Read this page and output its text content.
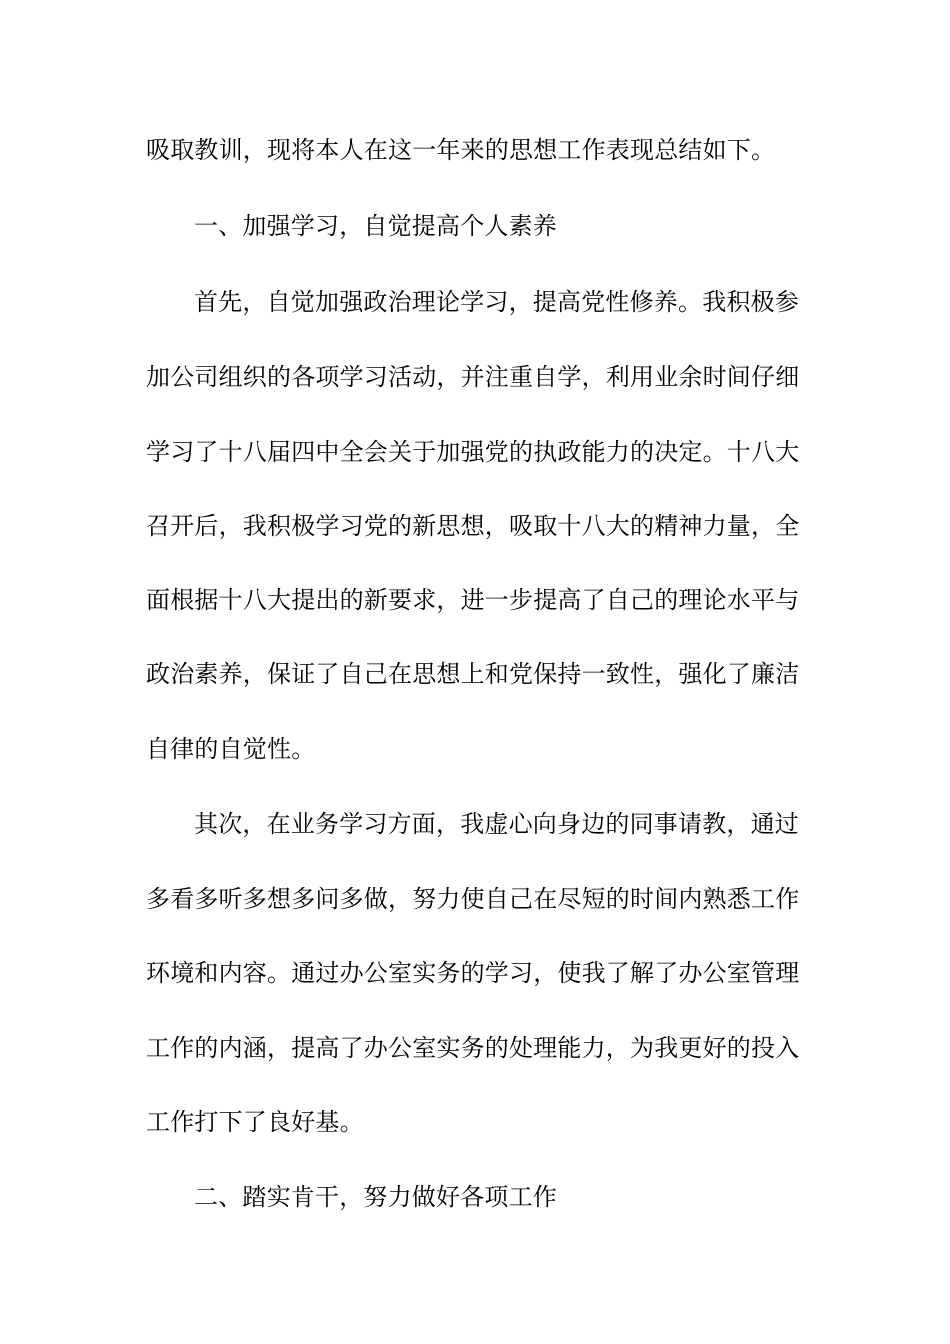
吸取教训，现将本人在这一年来的思想工作表现总结如下。
一、加强学习，自觉提高个人素养
首先，自觉加强政治理论学习，提高党性修养。我积极参
加公司组织的各项学习活动，并注重自学，利用业余时间仔细
学习了十八届四中全会关于加强党的执政能力的决定。十八大
召开后，我积极学习党的新思想，吸取十八大的精神力量，全
面根据十八大提出的新要求，进一步提高了自己的理论水平与
政治素养，保证了自己在思想上和党保持一致性，强化了廉洁
自律的自觉性。
其次，在业务学习方面，我虚心向身边的同事请教，通过
多看多听多想多问多做，努力使自己在尽短的时间内熟悉工作
环境和内容。通过办公室实务的学习，使我了解了办公室管理
工作的内涵，提高了办公室实务的处理能力，为我更好的投入
工作打下了良好基。
二、踏实肯干，努力做好各项工作
